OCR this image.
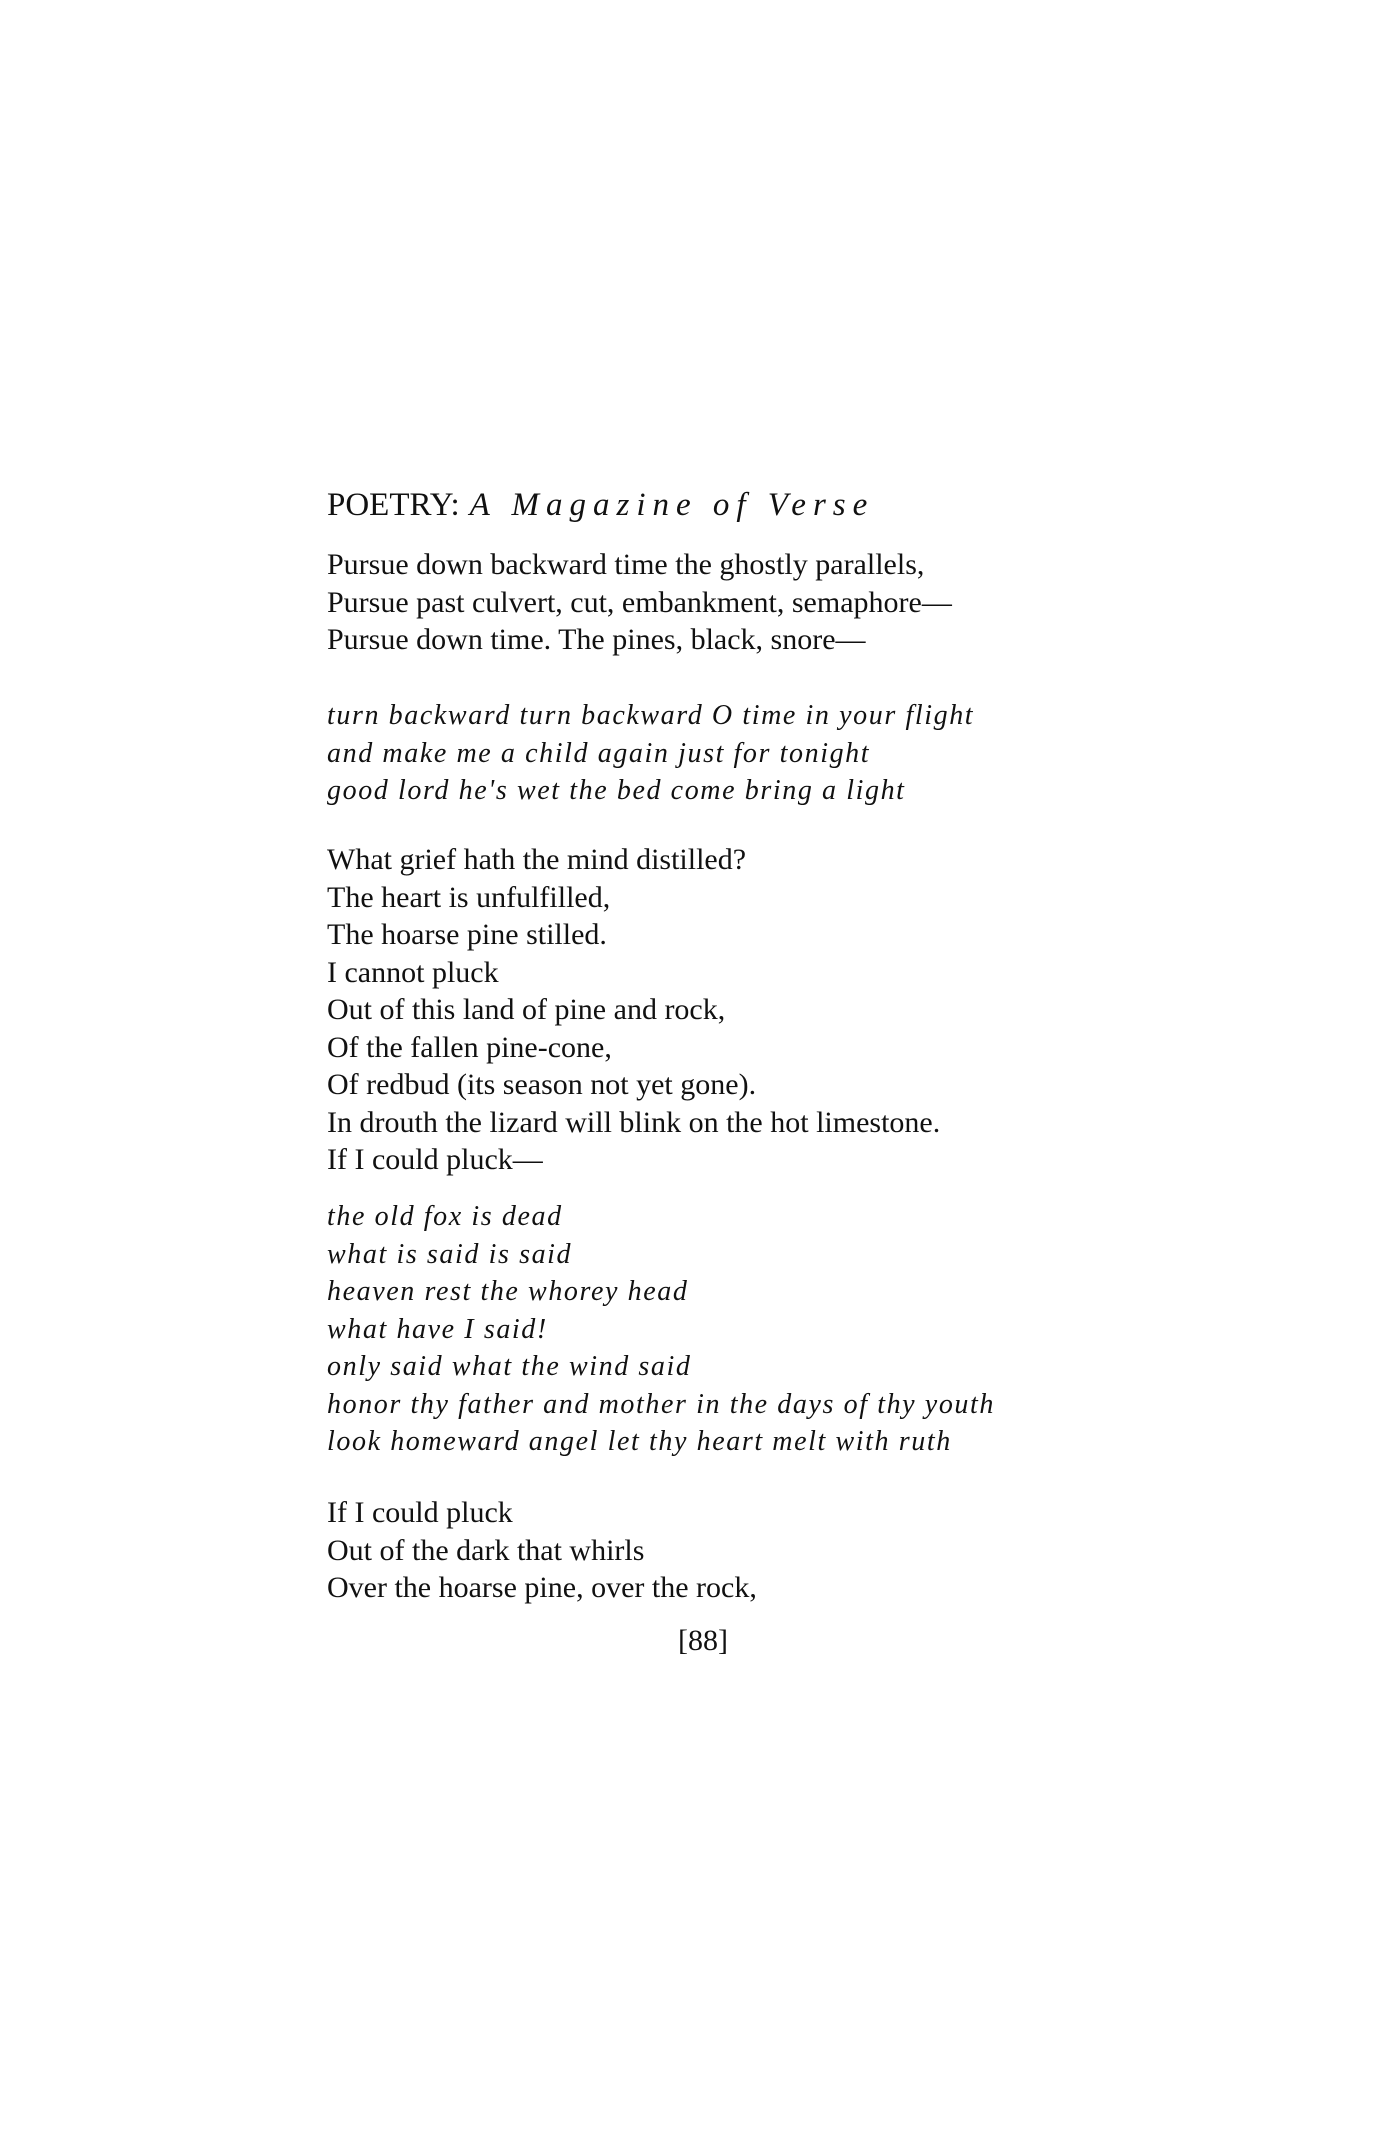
POETRY: A Magazine of Verse
Pursue down backward time the ghostly parallels,
Pursue past culvert, cut, embankment, semaphore—
Pursue down time. The pines, black, snore—
turn backward turn backward O time in your flight
and make me a child again just for tonight
good lord he's wet the bed come bring a light
What grief hath the mind distilled?
The heart is unfulfilled,
The hoarse pine stilled.
I cannot pluck
Out of this land of pine and rock,
Of the fallen pine-cone,
Of redbud (its season not yet gone).
In drouth the lizard will blink on the hot limestone.
If I could pluck—
the old fox is dead
what is said is said
heaven rest the whorey head
what have I said!
only said what the wind said
honor thy father and mother in the days of thy youth
look homeward angel let thy heart melt with ruth
If I could pluck
Out of the dark that whirls
Over the hoarse pine, over the rock,
[88]
